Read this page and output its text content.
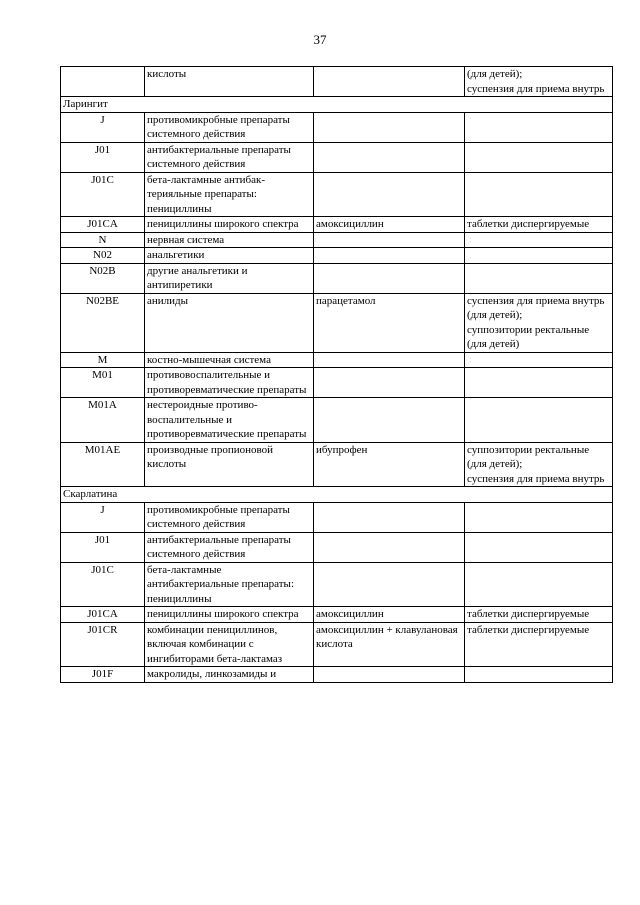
37
	кислоты		(для детей);
суспензия для приема внутрь
Ларингит			
J	противомикробные препараты системного действия		
J01	антибактериальные препараты системного действия		
J01C	бета-лактамные антибак-терияльные препараты: пенициллины		
J01CA	пенициллины широкого спектра	амоксициллин	таблетки диспергируемые
N	нервная система		
N02	анальгетики		
N02B	другие анальгетики и антипиретики		
N02BE	анилиды	парацетамол	суспензия для приема внутрь (для детей);
суппозитории ректальные (для детей)
M	костно-мышечная система		
M01	противовоспалительные и противоревматические препараты		
M01A	нестероидные противо-воспалительные и противоревматические препараты		
M01AE	производные пропионовой кислоты	ибупрофен	суппозитории ректальные (для детей);
суспензия для приема внутрь
Скарлатина			
J	противомикробные препараты системного действия		
J01	антибактериальные препараты системного действия		
J01C	бета-лактамные антибактериальные препараты: пенициллины		
J01CA	пенициллины широкого спектра	амоксициллин	таблетки диспергируемые
J01CR	комбинации пенициллинов, включая комбинации с ингибиторами бета-лактамаз	амоксициллин + клавулановая кислота	таблетки диспергируемые
J01F	макролиды, линкозамиды и		
